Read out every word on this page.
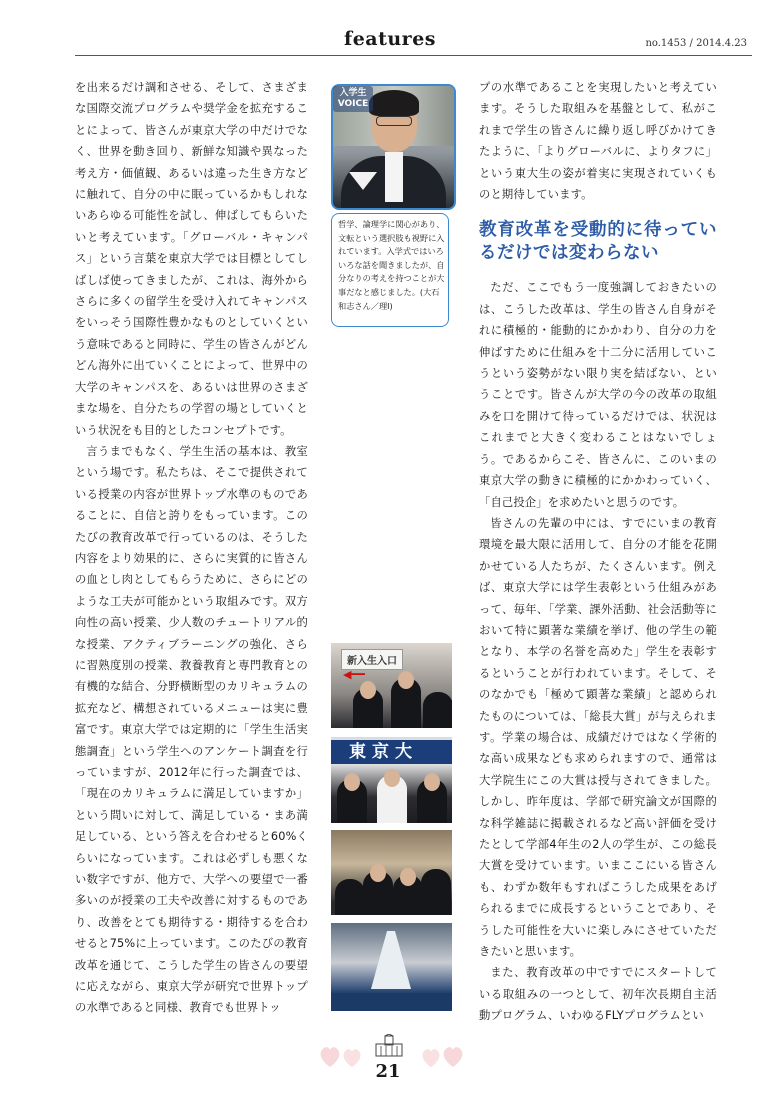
features	no.1453 / 2014.4.23

を出来るだけ調和させる、そして、さまざまな国際交流プログラムや奨学金を拡充することによって、皆さんが東京大学の中だけでなく、世界を動き回り、新鮮な知識や異なった考え方・価値観、あるいは違った生き方などに触れて、自分の中に眠っているかもしれないあらゆる可能性を試し、伸ばしてもらいたいと考えています。「グローバル・キャンパス」という言葉を東京大学では目標としてしばしば使ってきましたが、これは、海外からさらに多くの留学生を受け入れてキャンパスをいっそう国際性豊かなものとしていくという意味であると同時に、学生の皆さんがどんどん海外に出ていくことによって、世界中の大学のキャンパスを、あるいは世界のさまざまな場を、自分たちの学習の場としていくという状況をも目的としたコンセプトです。

言うまでもなく、学生生活の基本は、教室という場です。私たちは、そこで提供されている授業の内容が世界トップ水準のものであることに、自信と誇りをもっています。このたびの教育改革で行っているのは、そうした内容をより効果的に、さらに実質的に皆さんの血とし肉としてもらうために、さらにどのような工夫が可能かという取組みです。双方向性の高い授業、少人数のチュートリアル的な授業、アクティブラーニングの強化、さらに習熟度別の授業、教養教育と専門教育との有機的な結合、分野横断型のカリキュラムの拡充など、構想されているメニューは実に豊富です。東京大学では定期的に「学生生活実態調査」という学生へのアンケート調査を行っていますが、2012年に行った調査では、「現在のカリキュラムに満足していますか」という問いに対して、満足している・まあ満足している、という答えを合わせると60%くらいになっています。これは必ずしも悪くない数字ですが、他方で、大学への要望で一番多いのが授業の工夫や改善に対するものであり、改善をとても期待する・期待するを合わせると75%に上っています。このたびの教育改革を通じて、こうした学生の皆さんの要望に応えながら、東京大学が研究で世界トップの水準であると同様、教育でも世界トッ

入学生VOICE
哲学、論理学に関心があり、文転という選択肢も視野に入れています。入学式ではいろいろな話を聞きましたが、自分なりの考えを持つことが大事だなと感じました。(大石和志さん／理Ⅰ)
新入生入口
◀━━
東京大

プの水準であることを実現したいと考えています。そうした取組みを基盤として、私がこれまで学生の皆さんに繰り返し呼びかけてきたように、「よりグローバルに、よりタフに」という東大生の姿が着実に実現されていくものと期待しています。

教育改革を受動的に待っているだけでは変わらない

ただ、ここでもう一度強調しておきたいのは、こうした改革は、学生の皆さん自身がそれに積極的・能動的にかかわり、自分の力を伸ばすために仕組みを十二分に活用していこうという姿勢がない限り実を結ばない、ということです。皆さんが大学の今の改革の取組みを口を開けて待っているだけでは、状況はこれまでと大きく変わることはないでしょう。であるからこそ、皆さんに、このいまの東京大学の動きに積極的にかかわっていく、「自己投企」を求めたいと思うのです。

皆さんの先輩の中には、すでにいまの教育環境を最大限に活用して、自分の才能を花開かせている人たちが、たくさんいます。例えば、東京大学には学生表彰という仕組みがあって、毎年、「学業、課外活動、社会活動等において特に顕著な業績を挙げ、他の学生の範となり、本学の名誉を高めた」学生を表彰するということが行われています。そして、そのなかでも「極めて顕著な業績」と認められたものについては、「総長大賞」が与えられます。学業の場合は、成績だけではなく学術的な高い成果なども求められますので、通常は大学院生にこの大賞は授与されてきました。しかし、昨年度は、学部で研究論文が国際的な科学雑誌に掲載されるなど高い評価を受けたとして学部4年生の2人の学生が、この総長大賞を受けています。いまここにいる皆さんも、わずか数年もすればこうした成果をあげられるまでに成長するということであり、そうした可能性を大いに楽しみにさせていただきたいと思います。

また、教育改革の中ですでにスタートしている取組みの一つとして、初年次長期自主活動プログラム、いわゆるFLYプログラムとい

21
